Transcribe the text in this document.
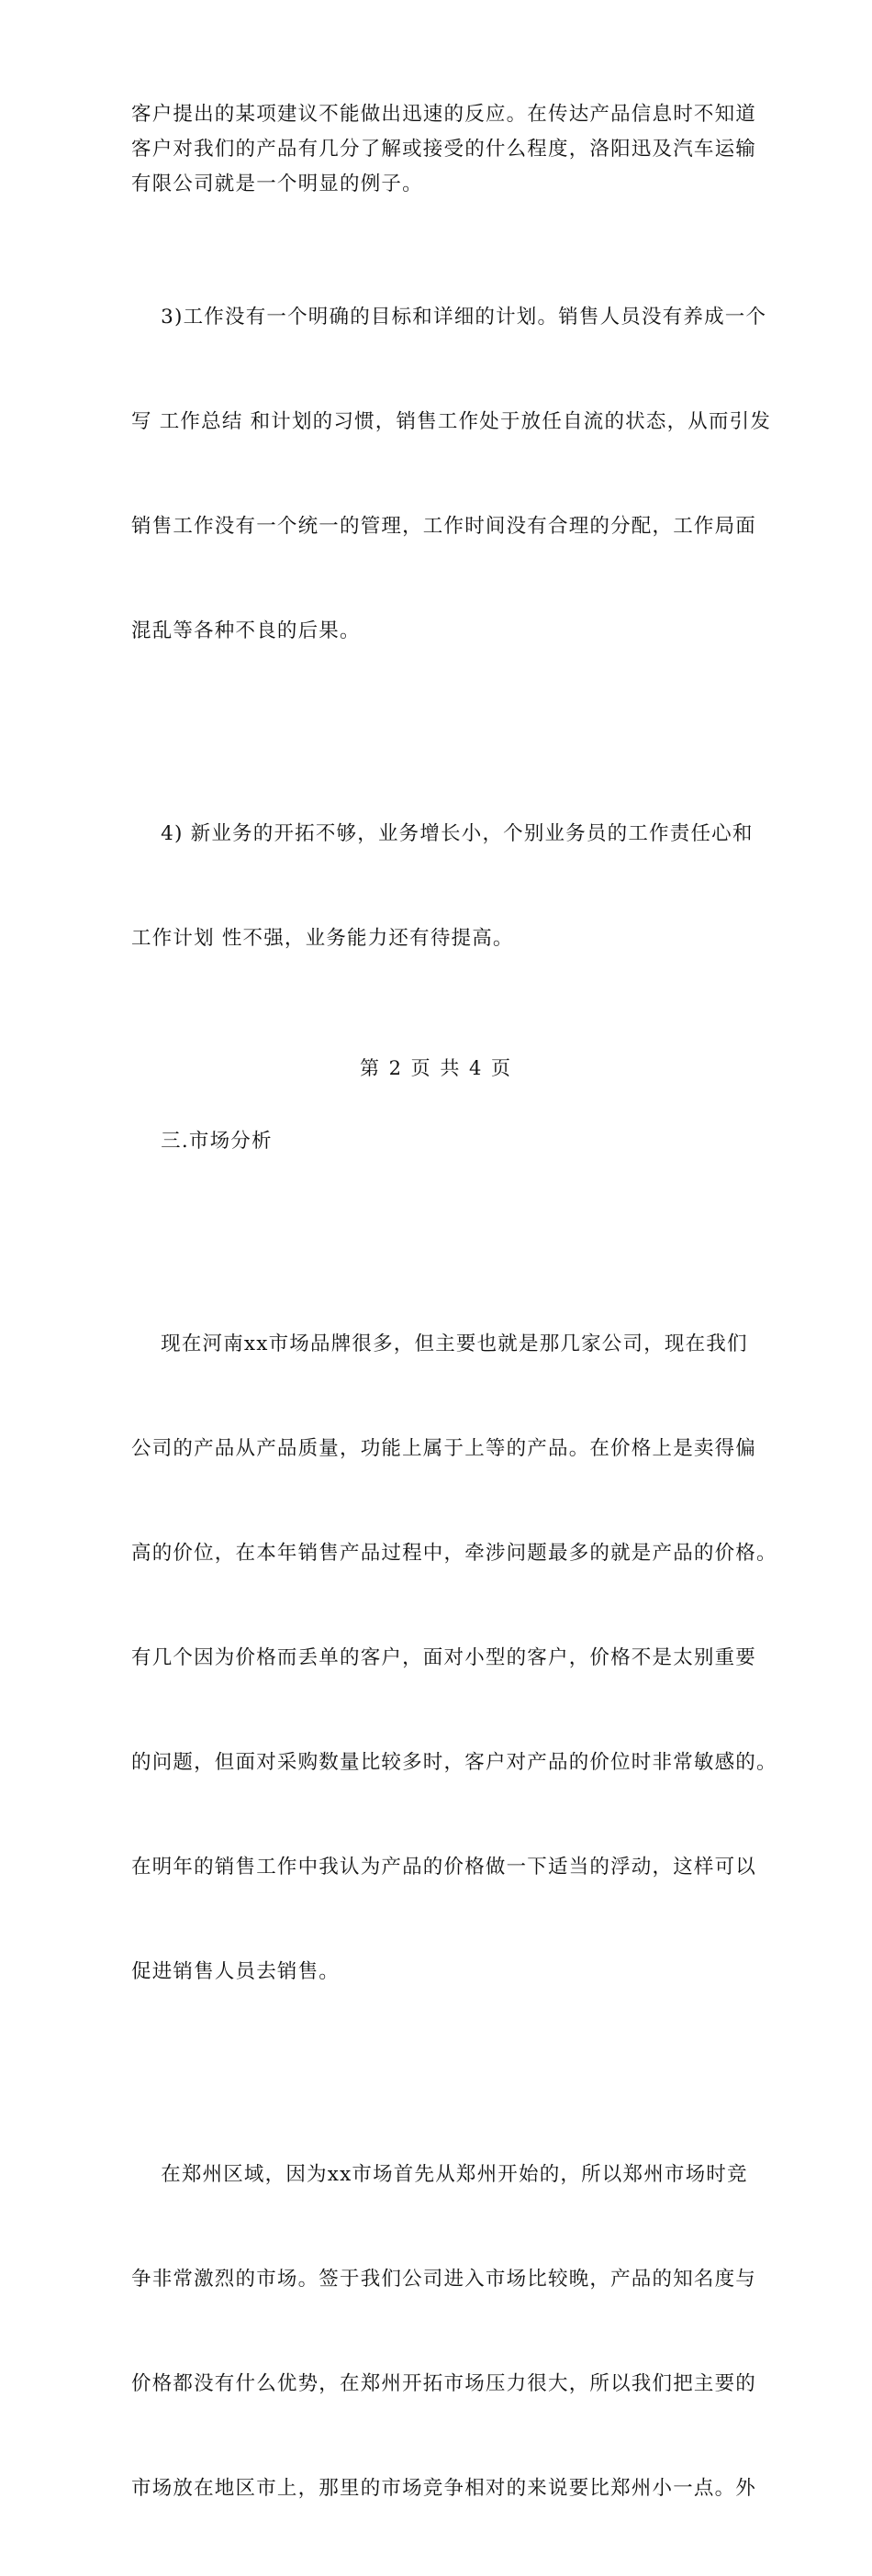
客户提出的某项建议不能做出迅速的反应。在传达产品信息时不知道
客户对我们的产品有几分了解或接受的什么程度，洛阳迅及汽车运输
有限公司就是一个明显的例子。

3)工作没有一个明确的目标和详细的计划。销售人员没有养成一个

写 工作总结 和计划的习惯，销售工作处于放任自流的状态，从而引发

销售工作没有一个统一的管理，工作时间没有合理的分配，工作局面

混乱等各种不良的后果。

4) 新业务的开拓不够，业务增长小，个别业务员的工作责任心和

工作计划 性不强，业务能力还有待提高。

三.市场分析

现在河南xx市场品牌很多，但主要也就是那几家公司，现在我们

公司的产品从产品质量，功能上属于上等的产品。在价格上是卖得偏

高的价位，在本年销售产品过程中，牵涉问题最多的就是产品的价格。

有几个因为价格而丢单的客户，面对小型的客户，价格不是太别重要

的问题，但面对采购数量比较多时，客户对产品的价位时非常敏感的。

在明年的销售工作中我认为产品的价格做一下适当的浮动，这样可以

促进销售人员去销售。

在郑州区域，因为xx市场首先从郑州开始的，所以郑州市场时竞

争非常激烈的市场。签于我们公司进入市场比较晚，产品的知名度与

价格都没有什么优势，在郑州开拓市场压力很大，所以我们把主要的

市场放在地区市上，那里的市场竞争相对的来说要比郑州小一点。外

第 2 页 共 4 页
